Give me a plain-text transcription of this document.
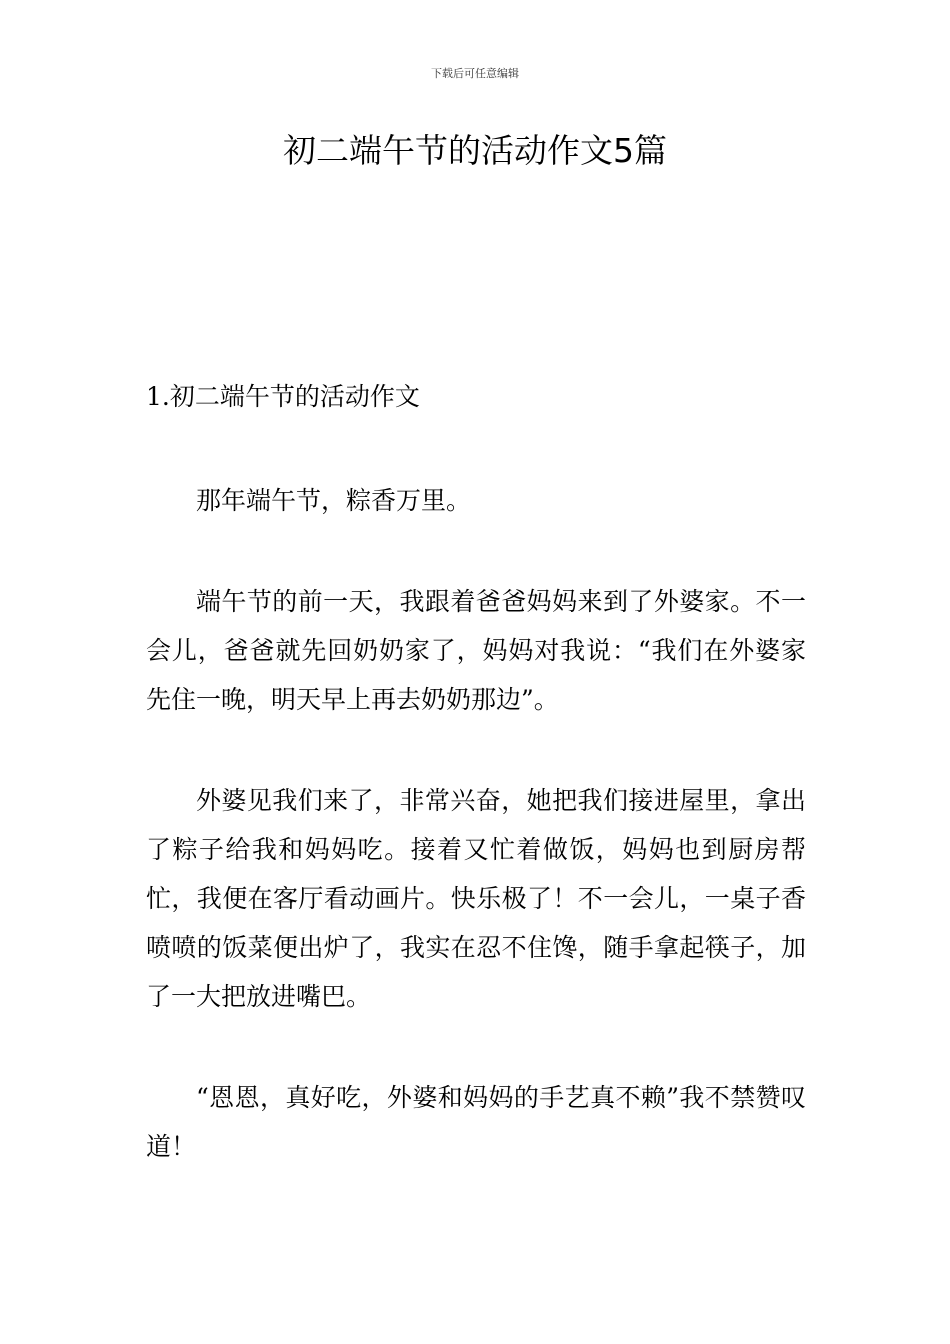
下载后可任意编辑
初二端午节的活动作文5篇
1.初二端午节的活动作文

那年端午节，粽香万里。

端午节的前一天，我跟着爸爸妈妈来到了外婆家。不一会儿，爸爸就先回奶奶家了，妈妈对我说：“我们在外婆家先住一晚，明天早上再去奶奶那边”。

外婆见我们来了，非常兴奋，她把我们接进屋里，拿出了粽子给我和妈妈吃。接着又忙着做饭，妈妈也到厨房帮忙，我便在客厅看动画片。快乐极了！不一会儿，一桌子香喷喷的饭菜便出炉了，我实在忍不住馋，随手拿起筷子，加了一大把放进嘴巴。

“恩恩，真好吃，外婆和妈妈的手艺真不赖”我不禁赞叹道！
